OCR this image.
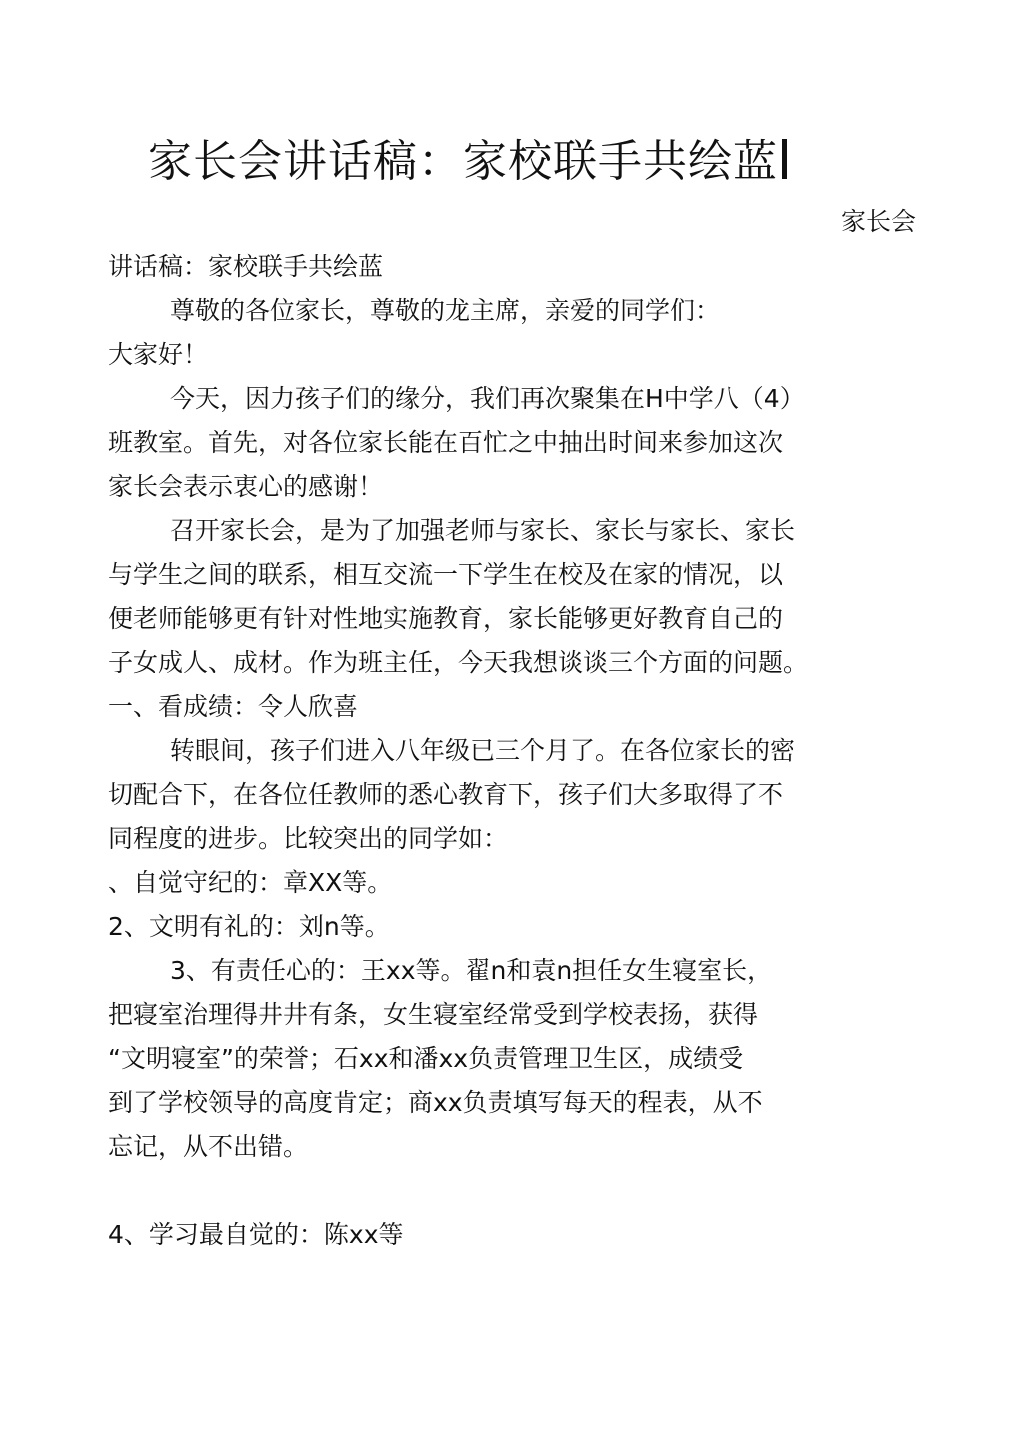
家长会讲话稿：家校联手共绘蓝
家长会
讲话稿：家校联手共绘蓝
尊敬的各位家长，尊敬的龙主席，亲爱的同学们：
大家好！
今天，因力孩子们的缘分，我们再次聚集在H中学八（4）
班教室。首先，对各位家长能在百忙之中抽出时间来参加这次
家长会表示衷心的感谢！
召开家长会，是为了加强老师与家长、家长与家长、家长
与学生之间的联系，相互交流一下学生在校及在家的情况，以
便老师能够更有针对性地实施教育，家长能够更好教育自己的
子女成人、成材。作为班主任，今天我想谈谈三个方面的问题。
一、看成绩：令人欣喜
转眼间，孩子们进入八年级已三个月了。在各位家长的密
切配合下，在各位任教师的悉心教育下，孩子们大多取得了不
同程度的进步。比较突出的同学如：
、自觉守纪的：章XX等。
2、文明有礼的：刘n等。
3、有责任心的：王xx等。翟n和袁n担任女生寝室长，
把寝室治理得井井有条，女生寝室经常受到学校表扬，获得
“文明寝室”的荣誉；石xx和潘xx负责管理卫生区，成绩受
到了学校领导的高度肯定；商xx负责填写每天的程表，从不
忘记，从不出错。
4、学习最自觉的：陈xx等
